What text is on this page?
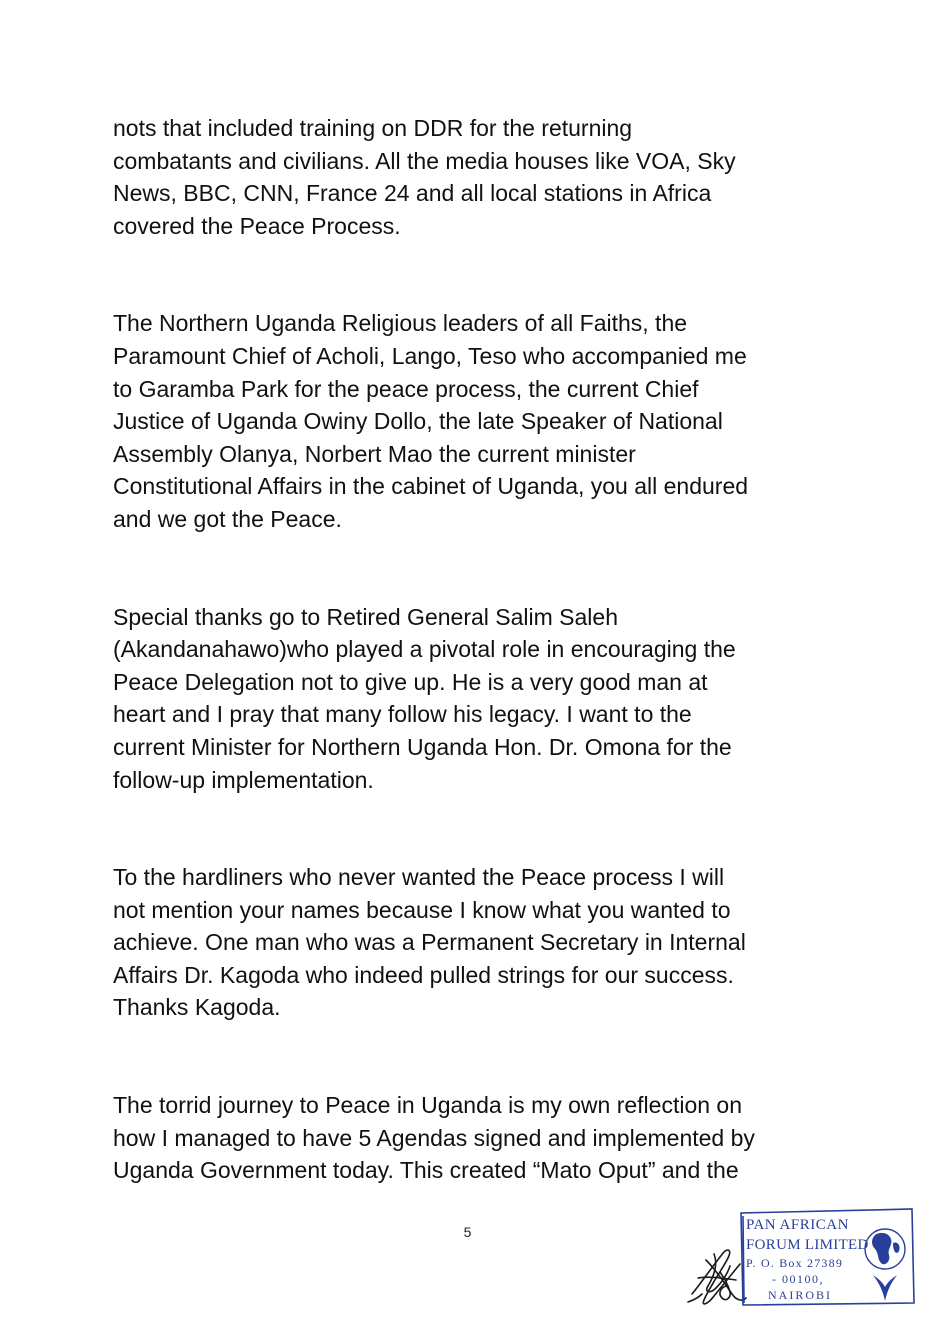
nots that included training on DDR for the returning
combatants and civilians. All the media houses like VOA, Sky
News, BBC, CNN, France 24 and all local stations in Africa
covered the Peace Process.

The Northern Uganda Religious leaders of all Faiths, the
Paramount Chief of Acholi, Lango, Teso who accompanied me
to Garamba Park for the peace process, the current Chief
Justice of Uganda Owiny Dollo, the late Speaker of National
Assembly Olanya, Norbert Mao the current minister
Constitutional Affairs in the cabinet of Uganda, you all endured
and we got the Peace.

Special thanks go to Retired General Salim Saleh
(Akandanahawo)who played a pivotal role in encouraging the
Peace Delegation not to give up. He is a very good man at
heart and I pray that many follow his legacy. I want to the
current Minister for Northern Uganda Hon. Dr. Omona for the
follow-up implementation.

To the hardliners who never wanted the Peace process I will
not mention your names because I know what you wanted to
achieve. One man who was a Permanent Secretary in Internal
Affairs Dr. Kagoda who indeed pulled strings for our success.
Thanks Kagoda.

The torrid journey to Peace in Uganda is my own reflection on
how I managed to have 5 Agendas signed and implemented by
Uganda Government today. This created “Mato Oput” and the

5	PAN AFRICAN
FORUM LIMITED
P. O. Box 27389
- 00100,
NAIROBI
